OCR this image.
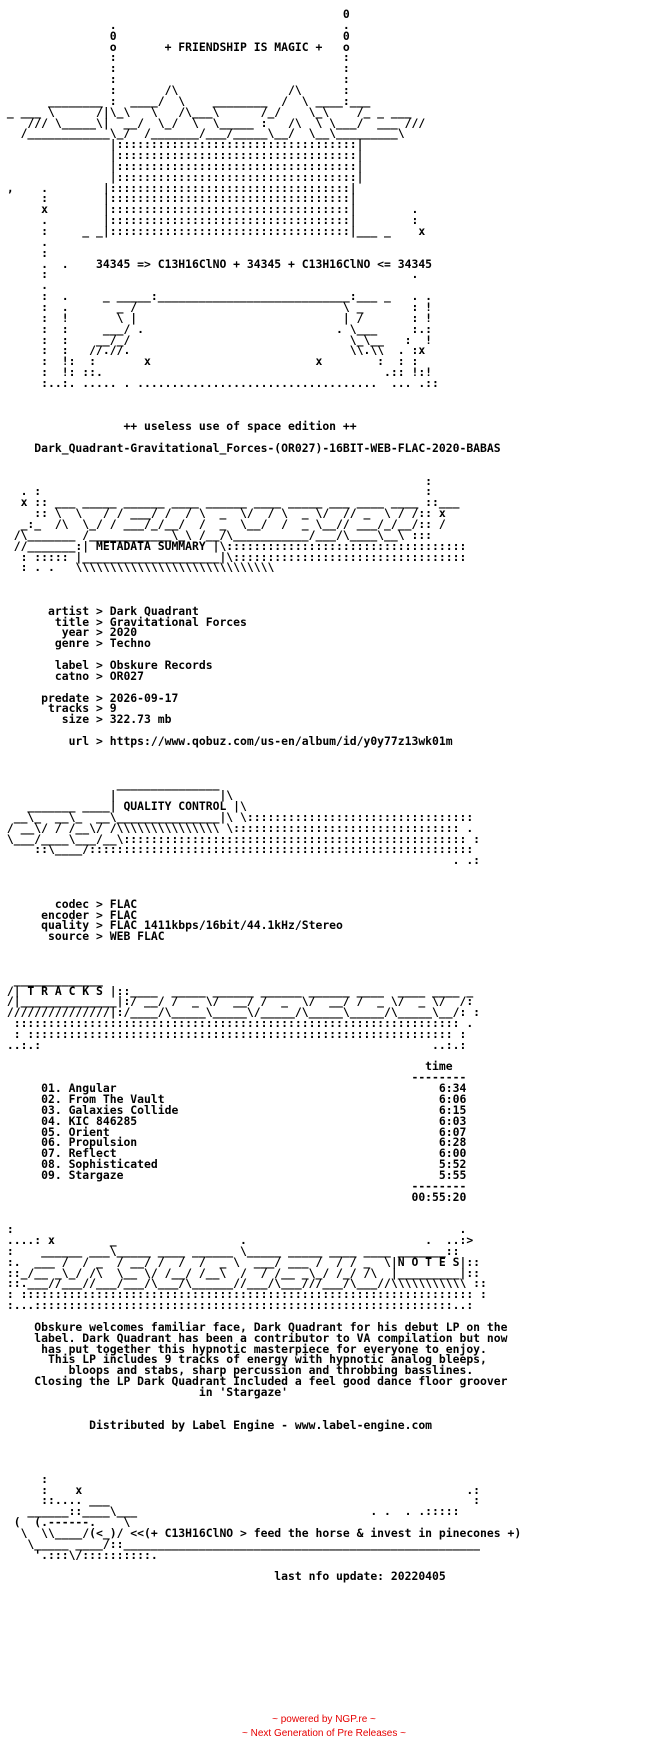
0
.                                 .
0                                 0
o       + FRIENDSHIP IS MAGIC +   o
:                                 :
:                                 :
:                                 :
:       /\                /\      :
________ :  ____/  \    ________  /  \ ____:___
_ ___ \      /|\_\   \   /\___\      /_/    \_\    /_ _ ___
/// \_____\|  __/  \_/  \  \_____ :   /\  \ \___/  ___ ///
/____________\_/  /_______/___/_____\__/  \__\_________\
|:::::::::::::::::::::::::::::::::::|
|:::::::::::::::::::::::::::::::::::|
|:::::::::::::::::::::::::::::::::::|
|:::::::::::::::::::::::::::::::::::|
,    .        |:::::::::::::::::::::::::::::::::::|
:        |:::::::::::::::::::::::::::::::::::|
x        |:::::::::::::::::::::::::::::::::::|        .
.        |:::::::::::::::::::::::::::::::::::|        :
:     _ _|:::::::::::::::::::::::::::::::::::|___ _    x
.
:
.  .    34345 => C13H16ClNO + 34345 + C13H16ClNO <= 34345
:                                                     .
.
:  .     _ _____:____________________________:___ _   . .
:  .       _ /                              \ _       : !
:  !       \ |                              | /       : !
:  :     ___/ .                            . \___     :.:
:  :    __/_/                                \_\__   :  !
:  :   //.//.                                \\.\\  . :x
:  !:  :       x                        x        :  : :
:  !: ::.                                         .:: !:!
:..:. ..... . ...................................  ... .::
++ useless use of space edition ++
Dark_Quadrant-Gravitational_Forces-(OR027)-16BIT-WEB-FLAC-2020-BABAS
:
. :                                                        :
x :: ___ _____ ______ ____ ______ ____ _____ ___ ____ ____ ::___
:: \  \   / / ___/ /  / \  _  \/  / \  _ \/  // _  \ / /:: x
_:_  /\  \_/ / ___/_/__/  /  _  \__/  /  _ \__// ___/_/__/:: /
/\_______ /____________\_\ /__/\___________/___/\____\__\ :::
//_______:| METADATA SUMMARY |\:::::::::::::::::::::::::::::::::::
: ::::: |____________________|\::::::::::::::::::::::::::::::::::
: . .   \\\\\\\\\\\\\\\\\\\\\\\\\\\\\
artist > Dark Quadrant
title > Gravitational Forces
year > 2020
genre > Techno
label > Obskure Records
catno > OR027
predate > 2026-09-17
tracks > 9
size > 322.73 mb
url > https://www.qobuz.com/us-en/album/id/y0y77z13wk01m
_______________
|               |\
_______ ____| QUALITY CONTROL |\
__\_  __\_  __\_______________|\ \:::::::::::::::::::::::::::::::::
/ __\/ / /__\/ /\\\\\\\\\\\\\\\ \::::::::::::::::::::::::::::::::: .
\___/____\___/__\:::::::::::::::::::::::::::::::::::::::::::::::::: :
::\____/::::::::::::::::::::::::::::::::::::::::::::::::::::::::
. .:
codec > FLAC
encoder > FLAC
quality > FLAC 1411kbps/16bit/44.1kHz/Stereo
source > WEB FLAC
_____________
/| T R A C K S |::____  _____ ______ ______ ______ ____  ____ ____ _
/|______________|:/ __/ /  _ \/  __/ /  _  \/  __/ /  _ \/  _ \/  /:
///////////////|:/____/\_____\_____\/_____/\_____\_____/\_____\__/: :
::::::::::::::::::::::::::::::::::::::::::::::::::::::::::::::::: .
: :::::::::::::::::::::::::::::::::::::::::::::::::::::::::::::: :
..:.:                                                         ..:.:
time
--------
01. Angular                                               6:34
02. From The Vault                                        6:06
03. Galaxies Collide                                      6:15
04. KIC 846285                                            6:03
05. Orient                                                6:07
06. Propulsion                                            6:28
07. Reflect                                               6:00
08. Sophisticated                                         5:52
09. Stargaze                                              5:55
--------
00:55:20
:                                                                 .
....: x        _                  .                          .  ..:>
:    ______ ___\_____ ____ ______ \_____ _____ ____ ____ _______::
:.  ___ /  / _  / __/ /  /  /  _ \  ___/ ___ /  / / _  \|N O T E S|::
::_/__ _\_/ /\  \__ \/ /__/ /__\  /  / /__ _\_/ /_/ /\  |_________|::
::.___//___//___/___/\___/\______//___/\___///___/\___//\\\\\\\\\\\ ::
: :::::::::::::::::::::::::::::::::::::::::::::::::::::::::::::::::: :
:...:::::::::::::::::::::::::::::::::::::::::::::::::::::::::::::..:
Obskure welcomes familiar face, Dark Quadrant for his debut LP on the
label. Dark Quadrant has been a contributor to VA compilation but now
has put together this hypnotic masterpiece for everyone to enjoy.
This LP includes 9 tracks of energy with hypnotic analog bleeps,
bloops and stabs, sharp percussion and throbbing basslines.
Closing the LP Dark Quadrant Included a feel good dance floor groover
in 'Stargaze'
Distributed by Label Engine - www.label-engine.com
:
:    x                                                        .:
::.... ___                                                     :
______::____\___                                  . .  . .:::::
(  (.------.    \
\  \\____/(<_)/ <<(+ C13H16ClNO > feed the horse & invest in pinecones +)
\_____ ____/::____________________________________________________
'.:::\/::::::::::.
last nfo update: 20220405
~ powered by NGP.re ~
~ Next Generation of Pre Releases ~
